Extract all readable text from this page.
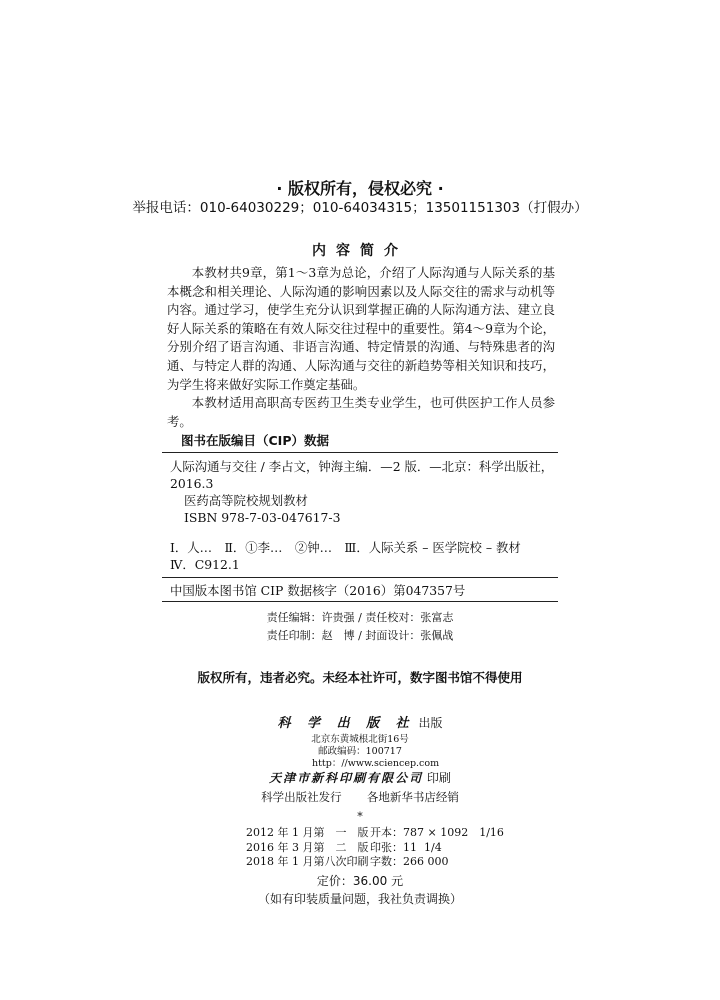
· 版权所有，侵权必究 ·
举报电话：010-64030229；010-64034315；13501151303（打假办）
内容简介

本教材共9章，第1～3章为总论，介绍了人际沟通与人际关系的基本概念和相关理论、人际沟通的影响因素以及人际交往的需求与动机等内容。通过学习，使学生充分认识到掌握正确的人际沟通方法、建立良好人际关系的策略在有效人际交往过程中的重要性。第4～9章为个论，分别介绍了语言沟通、非语言沟通、特定情景的沟通、与特殊患者的沟通、与特定人群的沟通、人际沟通与交往的新趋势等相关知识和技巧，为学生将来做好实际工作奠定基础。

本教材适用高职高专医药卫生类专业学生，也可供医护工作人员参考。

图书在版编目（CIP）数据
人际沟通与交往 / 李占文，钟海主编．—2 版．—北京：科学出版社，
2016.3
医药高等院校规划教材
ISBN 978-7-03-047617-3
Ⅰ．人…　Ⅱ．①李…　②钟…　Ⅲ．人际关系 – 医学院校 – 教材
Ⅳ．C912.1
中国版本图书馆 CIP 数据核字（2016）第047357号
责任编辑：许贵强 / 责任校对：张富志
责任印制：赵　博 / 封面设计：张佩战
版权所有，违者必究。未经本社许可，数字图书馆不得使用
科 学 出 版 社 出版
北京东黄城根北街16号
邮政编码：100717
http：//www.sciencep.com
天津市新科印刷有限公司 印刷
科学出版社发行 各地新华书店经销
*
2012 年 1 月第　一　版 开本：787 × 1092　1/16
2016 年 3 月第　二　版 印张：11  1/4
2018 年 1 月第八次印刷 字数：266 000
定价：36.00 元
（如有印装质量问题，我社负责调换）
